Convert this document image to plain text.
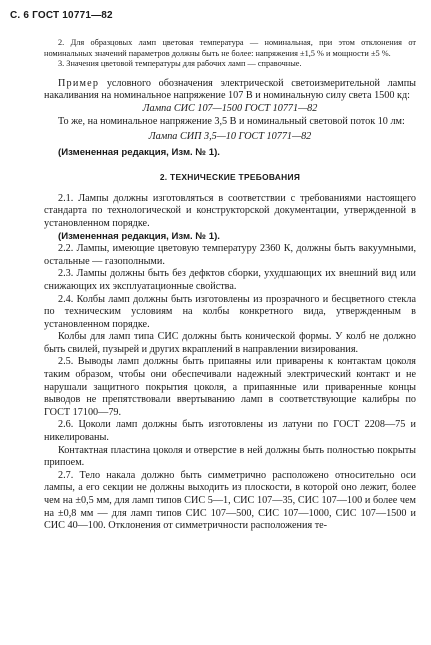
С. 6 ГОСТ 10771—82

2. Для образцовых ламп цветовая температура — номинальная, при этом отклонения от номинальных значений параметров должны быть не более: напряжения ±1,5 % и мощности ±5 %.

3. Значения цветовой температуры для рабочих ламп — справочные.

Пример условного обозначения электрической светоизмерительной лампы накаливания на номинальное напряжение 107 В и номинальную силу света 1500 кд:

Лампа СИС 107—1500 ГОСТ 10771—82

То же, на номинальное напряжение 3,5 В и номинальный световой поток 10 лм:

Лампа СИП 3,5—10 ГОСТ 10771—82

(Измененная редакция, Изм. № 1).

2. ТЕХНИЧЕСКИЕ ТРЕБОВАНИЯ

2.1. Лампы должны изготовляться в соответствии с требованиями настоящего стандарта по технологической и конструкторской документации, утвержденной в установленном порядке.

(Измененная редакция, Изм. № 1).

2.2. Лампы, имеющие цветовую температуру 2360 К, должны быть вакуумными, остальные — газополными.

2.3. Лампы должны быть без дефктов сборки, ухудшающих их внешний вид или снижающих их эксплуатационные свойства.

2.4. Колбы ламп должны быть изготовлены из прозрачного и бесцветного стекла по техническим условиям на колбы конкретного вида, утвержденным в установленном порядке.

Колбы для ламп типа СИС должны быть конической формы. У колб не должно быть свилей, пузырей и других вкраплений в направлении визирования.

2.5. Выводы ламп должны быть припаяны или приварены к контактам цоколя таким образом, чтобы они обеспечивали надежный электрический контакт и не нарушали защитного покрытия цоколя, а припаянные или приваренные концы выводов не препятствовали ввертыванию ламп в соответствующие калибры по ГОСТ 17100—79.

2.6. Цоколи ламп должны быть изготовлены из латуни по ГОСТ 2208—75 и никелированы.

Контактная пластина цоколя и отверстие в ней должны быть полностью покрыты припоем.

2.7. Тело накала должно быть симметрично расположено относительно оси лампы, а его секции не должны выходить из плоскости, в которой оно лежит, более чем на ±0,5 мм, для ламп типов СИС 5—1, СИС 107—35, СИС 107—100 и более чем на ±0,8 мм — для ламп типов СИС 107—500, СИС 107—1000, СИС 107—1500 и СИС 40—100. Отклонения от симметричности расположения те-
